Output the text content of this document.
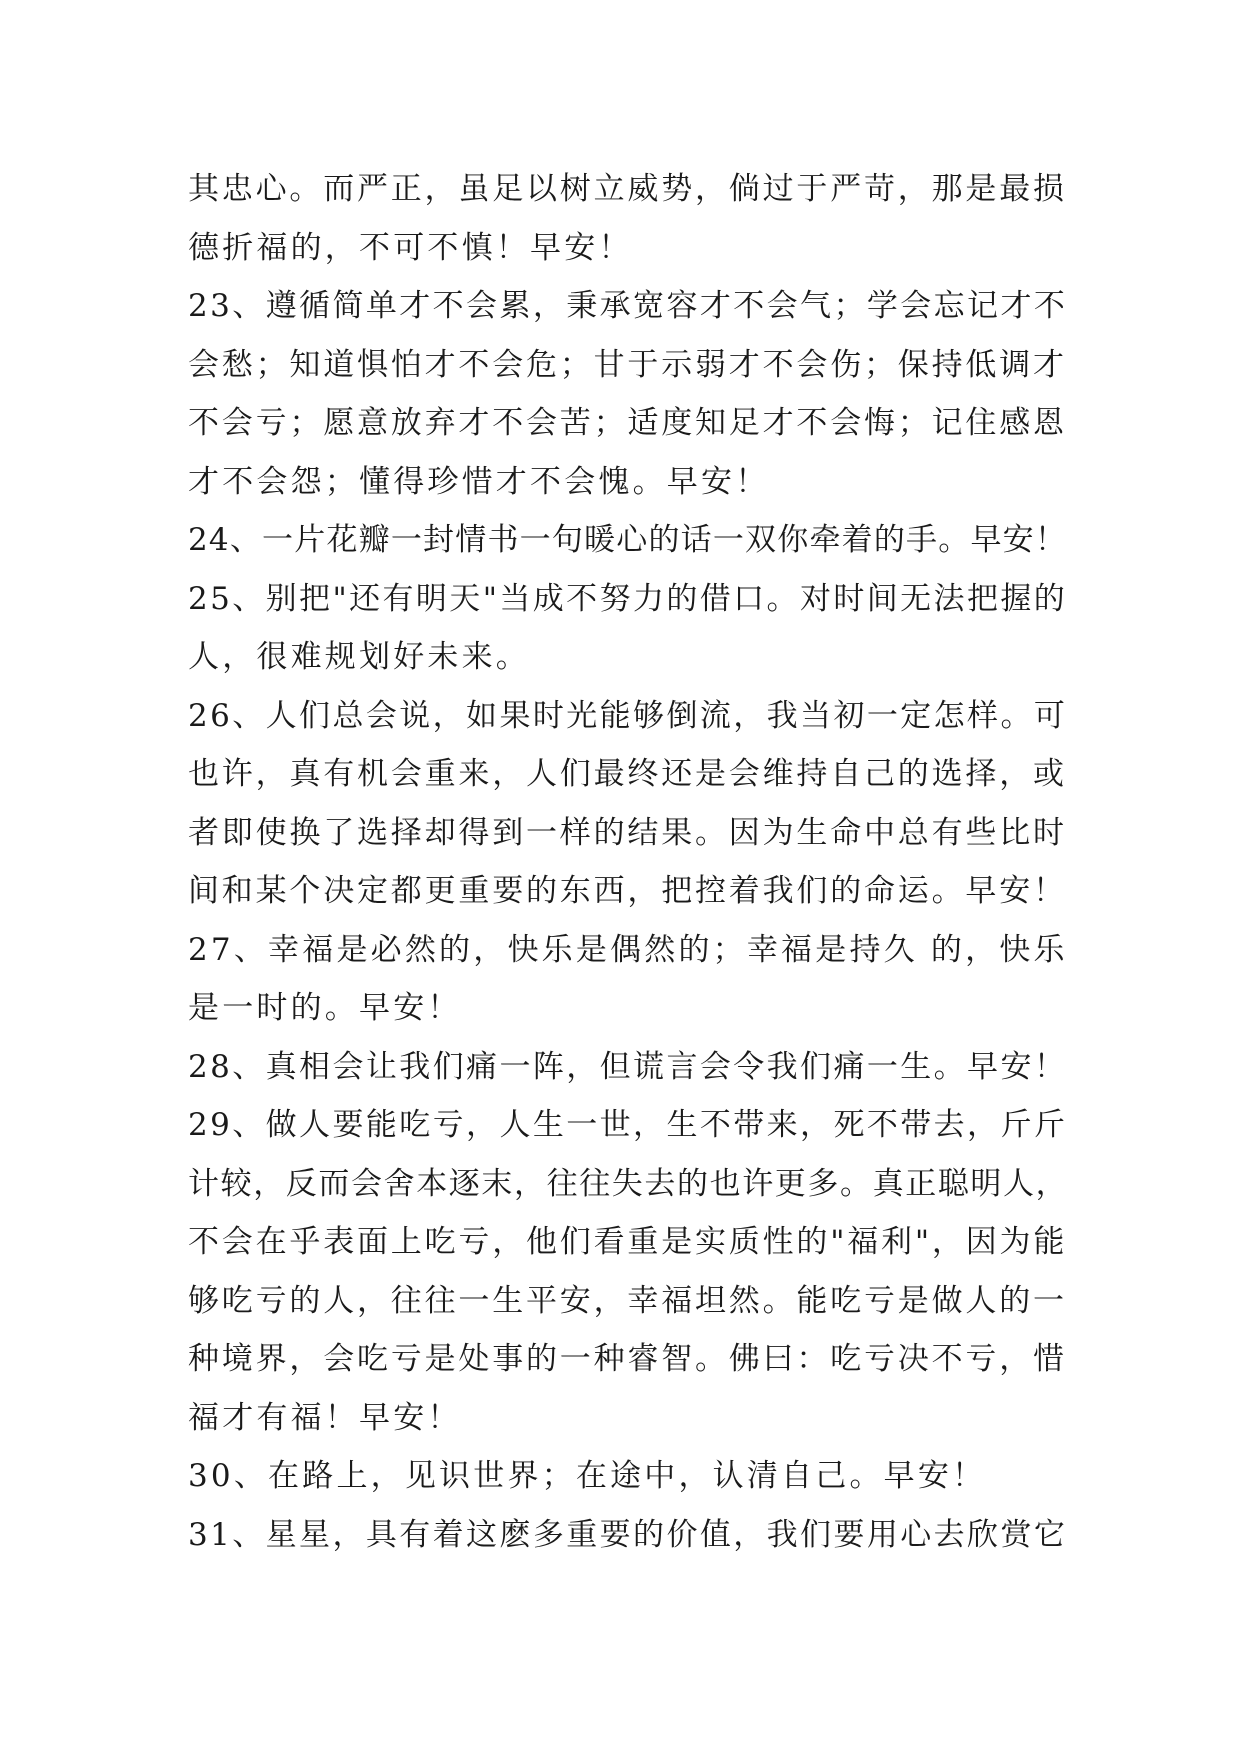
其忠心。而严正，虽足以树立威势，倘过于严苛，那是最损
德折福的，不可不慎！早安！
23、遵循简单才不会累，秉承宽容才不会气；学会忘记才不
会愁；知道惧怕才不会危；甘于示弱才不会伤；保持低调才
不会亏；愿意放弃才不会苦；适度知足才不会悔；记住感恩
才不会怨；懂得珍惜才不会愧。早安！
24、一片花瓣一封情书一句暖心的话一双你牵着的手。早安！
25、别把"还有明天"当成不努力的借口。对时间无法把握的
人，很难规划好未来。
26、人们总会说，如果时光能够倒流，我当初一定怎样。可
也许，真有机会重来，人们最终还是会维持自己的选择，或
者即使换了选择却得到一样的结果。因为生命中总有些比时
间和某个决定都更重要的东西，把控着我们的命运。早安！
27、幸福是必然的，快乐是偶然的；幸福是持久 的，快乐
是一时的。早安！
28、真相会让我们痛一阵，但谎言会令我们痛一生。早安！
29、做人要能吃亏，人生一世，生不带来，死不带去，斤斤
计较，反而会舍本逐末，往往失去的也许更多。真正聪明人，
不会在乎表面上吃亏，他们看重是实质性的"福利"，因为能
够吃亏的人，往往一生平安，幸福坦然。能吃亏是做人的一
种境界，会吃亏是处事的一种睿智。佛曰：吃亏决不亏，惜
福才有福！早安！
30、在路上，见识世界；在途中，认清自己。早安！
31、星星，具有着这麽多重要的价值，我们要用心去欣赏它
